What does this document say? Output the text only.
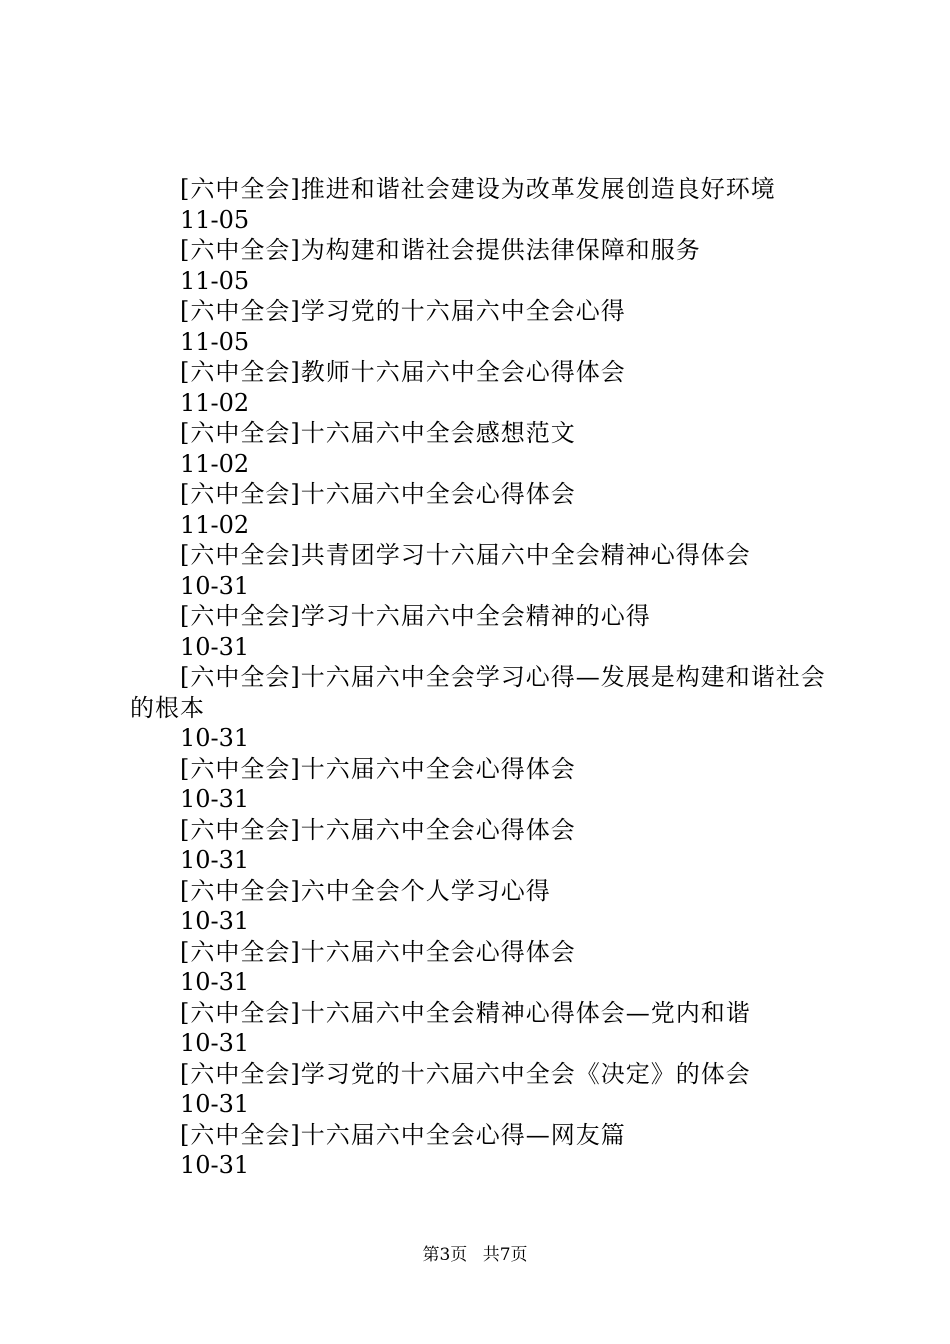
[六中全会]推进和谐社会建设为改革发展创造良好环境
11-05
[六中全会]为构建和谐社会提供法律保障和服务
11-05
[六中全会]学习党的十六届六中全会心得
11-05
[六中全会]教师十六届六中全会心得体会
11-02
[六中全会]十六届六中全会感想范文
11-02
[六中全会]十六届六中全会心得体会
11-02
[六中全会]共青团学习十六届六中全会精神心得体会
10-31
[六中全会]学习十六届六中全会精神的心得
10-31
[六中全会]十六届六中全会学习心得—发展是构建和谐社会的根本
10-31
[六中全会]十六届六中全会心得体会
10-31
[六中全会]十六届六中全会心得体会
10-31
[六中全会]六中全会个人学习心得
10-31
[六中全会]十六届六中全会心得体会
10-31
[六中全会]十六届六中全会精神心得体会—党内和谐
10-31
[六中全会]学习党的十六届六中全会《决定》的体会
10-31
[六中全会]十六届六中全会心得—网友篇
10-31
第3页 共7页
